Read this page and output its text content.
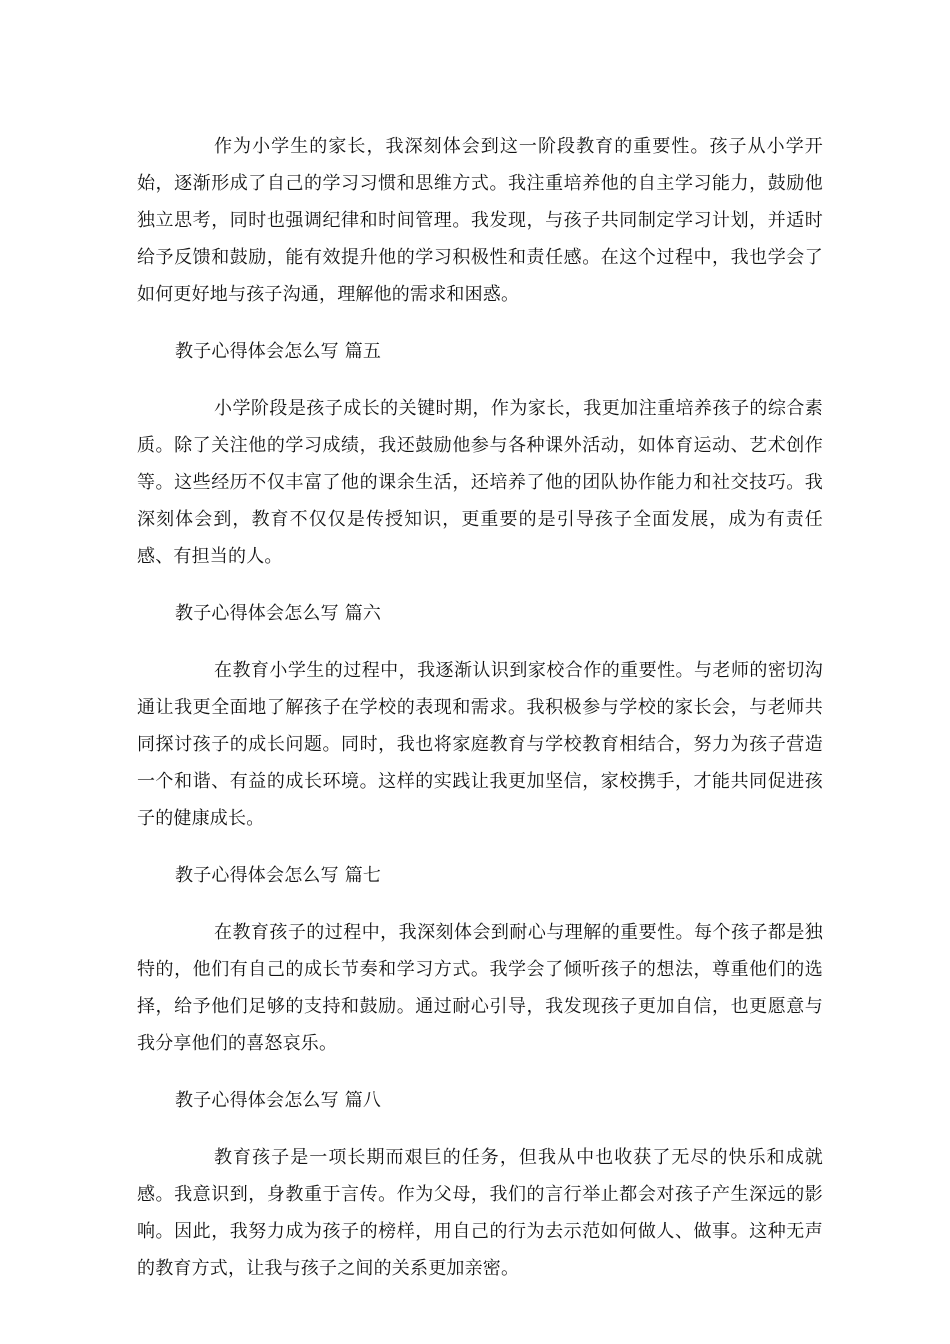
作为小学生的家长，我深刻体会到这一阶段教育的重要性。孩子从小学开始，逐渐形成了自己的学习习惯和思维方式。我注重培养他的自主学习能力，鼓励他独立思考，同时也强调纪律和时间管理。我发现，与孩子共同制定学习计划，并适时给予反馈和鼓励，能有效提升他的学习积极性和责任感。在这个过程中，我也学会了如何更好地与孩子沟通，理解他的需求和困惑。

教子心得体会怎么写 篇五

小学阶段是孩子成长的关键时期，作为家长，我更加注重培养孩子的综合素质。除了关注他的学习成绩，我还鼓励他参与各种课外活动，如体育运动、艺术创作等。这些经历不仅丰富了他的课余生活，还培养了他的团队协作能力和社交技巧。我深刻体会到，教育不仅仅是传授知识，更重要的是引导孩子全面发展，成为有责任感、有担当的人。

教子心得体会怎么写 篇六

在教育小学生的过程中，我逐渐认识到家校合作的重要性。与老师的密切沟通让我更全面地了解孩子在学校的表现和需求。我积极参与学校的家长会，与老师共同探讨孩子的成长问题。同时，我也将家庭教育与学校教育相结合，努力为孩子营造一个和谐、有益的成长环境。这样的实践让我更加坚信，家校携手，才能共同促进孩子的健康成长。

教子心得体会怎么写 篇七

在教育孩子的过程中，我深刻体会到耐心与理解的重要性。每个孩子都是独特的，他们有自己的成长节奏和学习方式。我学会了倾听孩子的想法，尊重他们的选择，给予他们足够的支持和鼓励。通过耐心引导，我发现孩子更加自信，也更愿意与我分享他们的喜怒哀乐。

教子心得体会怎么写 篇八

教育孩子是一项长期而艰巨的任务，但我从中也收获了无尽的快乐和成就感。我意识到，身教重于言传。作为父母，我们的言行举止都会对孩子产生深远的影响。因此，我努力成为孩子的榜样，用自己的行为去示范如何做人、做事。这种无声的教育方式，让我与孩子之间的关系更加亲密。
